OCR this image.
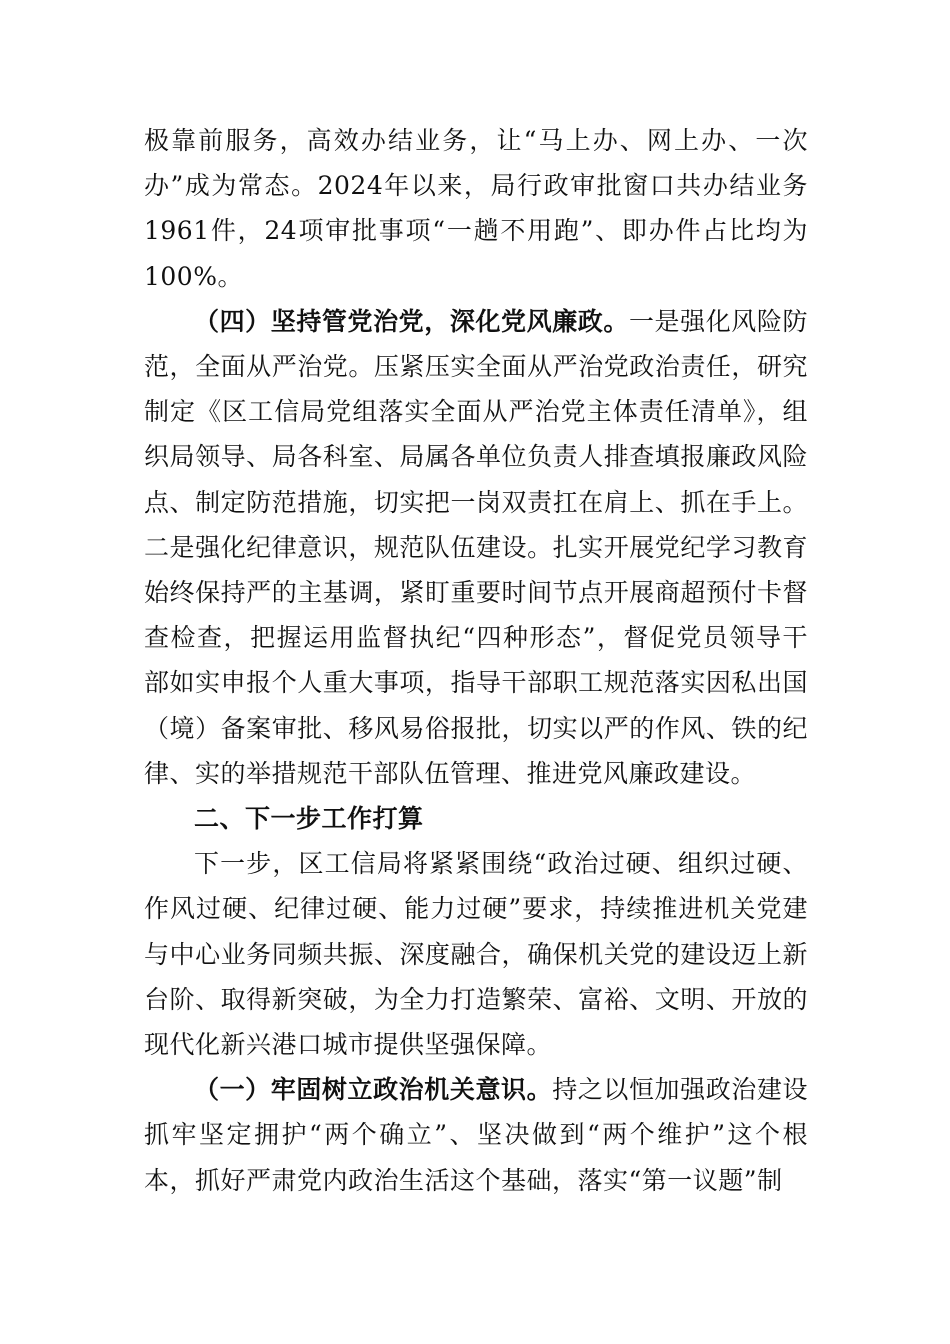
极靠前服务，高效办结业务，让“马上办、网上办、一次办”成为常态。2024年以来，局行政审批窗口共办结业务1961件，24项审批事项“一趟不用跑”、即办件占比均为100%。

（四）坚持管党治党，深化党风廉政。一是强化风险防范，全面从严治党。压紧压实全面从严治党政治责任，研究制定《区工信局党组落实全面从严治党主体责任清单》，组织局领导、局各科室、局属各单位负责人排查填报廉政风险点、制定防范措施，切实把一岗双责扛在肩上、抓在手上。二是强化纪律意识，规范队伍建设。扎实开展党纪学习教育始终保持严的主基调，紧盯重要时间节点开展商超预付卡督查检查，把握运用监督执纪“四种形态”，督促党员领导干部如实申报个人重大事项，指导干部职工规范落实因私出国（境）备案审批、移风易俗报批，切实以严的作风、铁的纪律、实的举措规范干部队伍管理、推进党风廉政建设。

二、下一步工作打算

下一步，区工信局将紧紧围绕“政治过硬、组织过硬、作风过硬、纪律过硬、能力过硬”要求，持续推进机关党建与中心业务同频共振、深度融合，确保机关党的建设迈上新台阶、取得新突破，为全力打造繁荣、富裕、文明、开放的现代化新兴港口城市提供坚强保障。

（一）牢固树立政治机关意识。持之以恒加强政治建设抓牢坚定拥护“两个确立”、坚决做到“两个维护”这个根本，抓好严肃党内政治生活这个基础，落实“第一议题”制
